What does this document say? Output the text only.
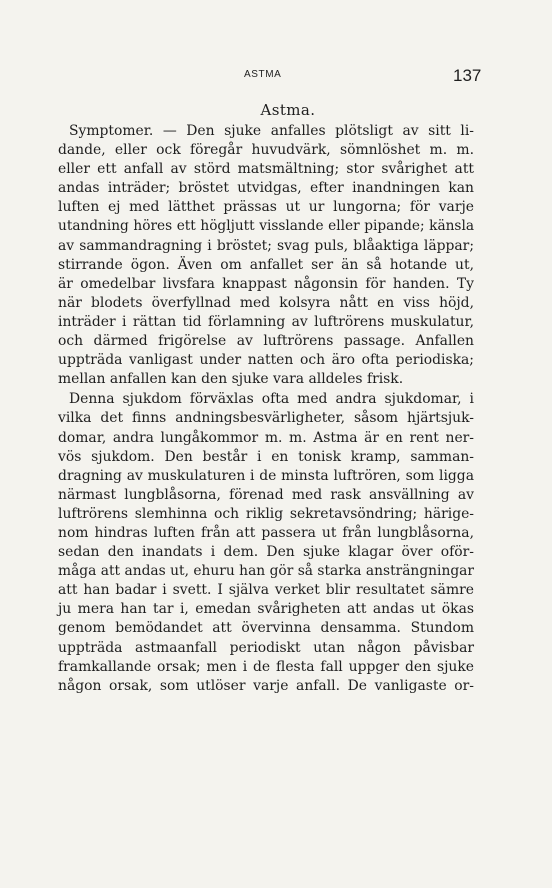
ASTMA	137
Astma.
Symptomer. — Den sjuke anfalles plötsligt av sitt li-
dande, eller ock föregår huvudvärk, sömnlöshet m. m.
eller ett anfall av störd matsmältning; stor svårighet att
andas inträder; bröstet utvidgas, efter inandningen kan
luften ej med lätthet prässas ut ur lungorna; för varje
utandning höres ett högljutt visslande eller pipande; känsla
av sammandragning i bröstet; svag puls, blåaktiga läppar;
stirrande ögon. Även om anfallet ser än så hotande ut,
är omedelbar livsfara knappast någonsin för handen. Ty
när blodets överfyllnad med kolsyra nått en viss höjd,
inträder i rättan tid förlamning av luftrörens muskulatur,
och därmed frigörelse av luftrörens passage. Anfallen
uppträda vanligast under natten och äro ofta periodiska;
mellan anfallen kan den sjuke vara alldeles frisk.
Denna sjukdom förväxlas ofta med andra sjukdomar, i
vilka det finns andningsbesvärligheter, såsom hjärtsjuk-
domar, andra lungåkommor m. m. Astma är en rent ner-
vös sjukdom. Den består i en tonisk kramp, samman-
dragning av muskulaturen i de minsta luftrören, som ligga
närmast lungblåsorna, förenad med rask ansvällning av
luftrörens slemhinna och riklig sekretavsöndring; härige-
nom hindras luften från att passera ut från lungblåsorna,
sedan den inandats i dem. Den sjuke klagar över oför-
måga att andas ut, ehuru han gör så starka ansträngningar
att han badar i svett. I själva verket blir resultatet sämre
ju mera han tar i, emedan svårigheten att andas ut ökas
genom bemödandet att övervinna densamma. Stundom
uppträda astmaanfall periodiskt utan någon påvisbar
framkallande orsak; men i de flesta fall uppger den sjuke
någon orsak, som utlöser varje anfall. De vanligaste or-
